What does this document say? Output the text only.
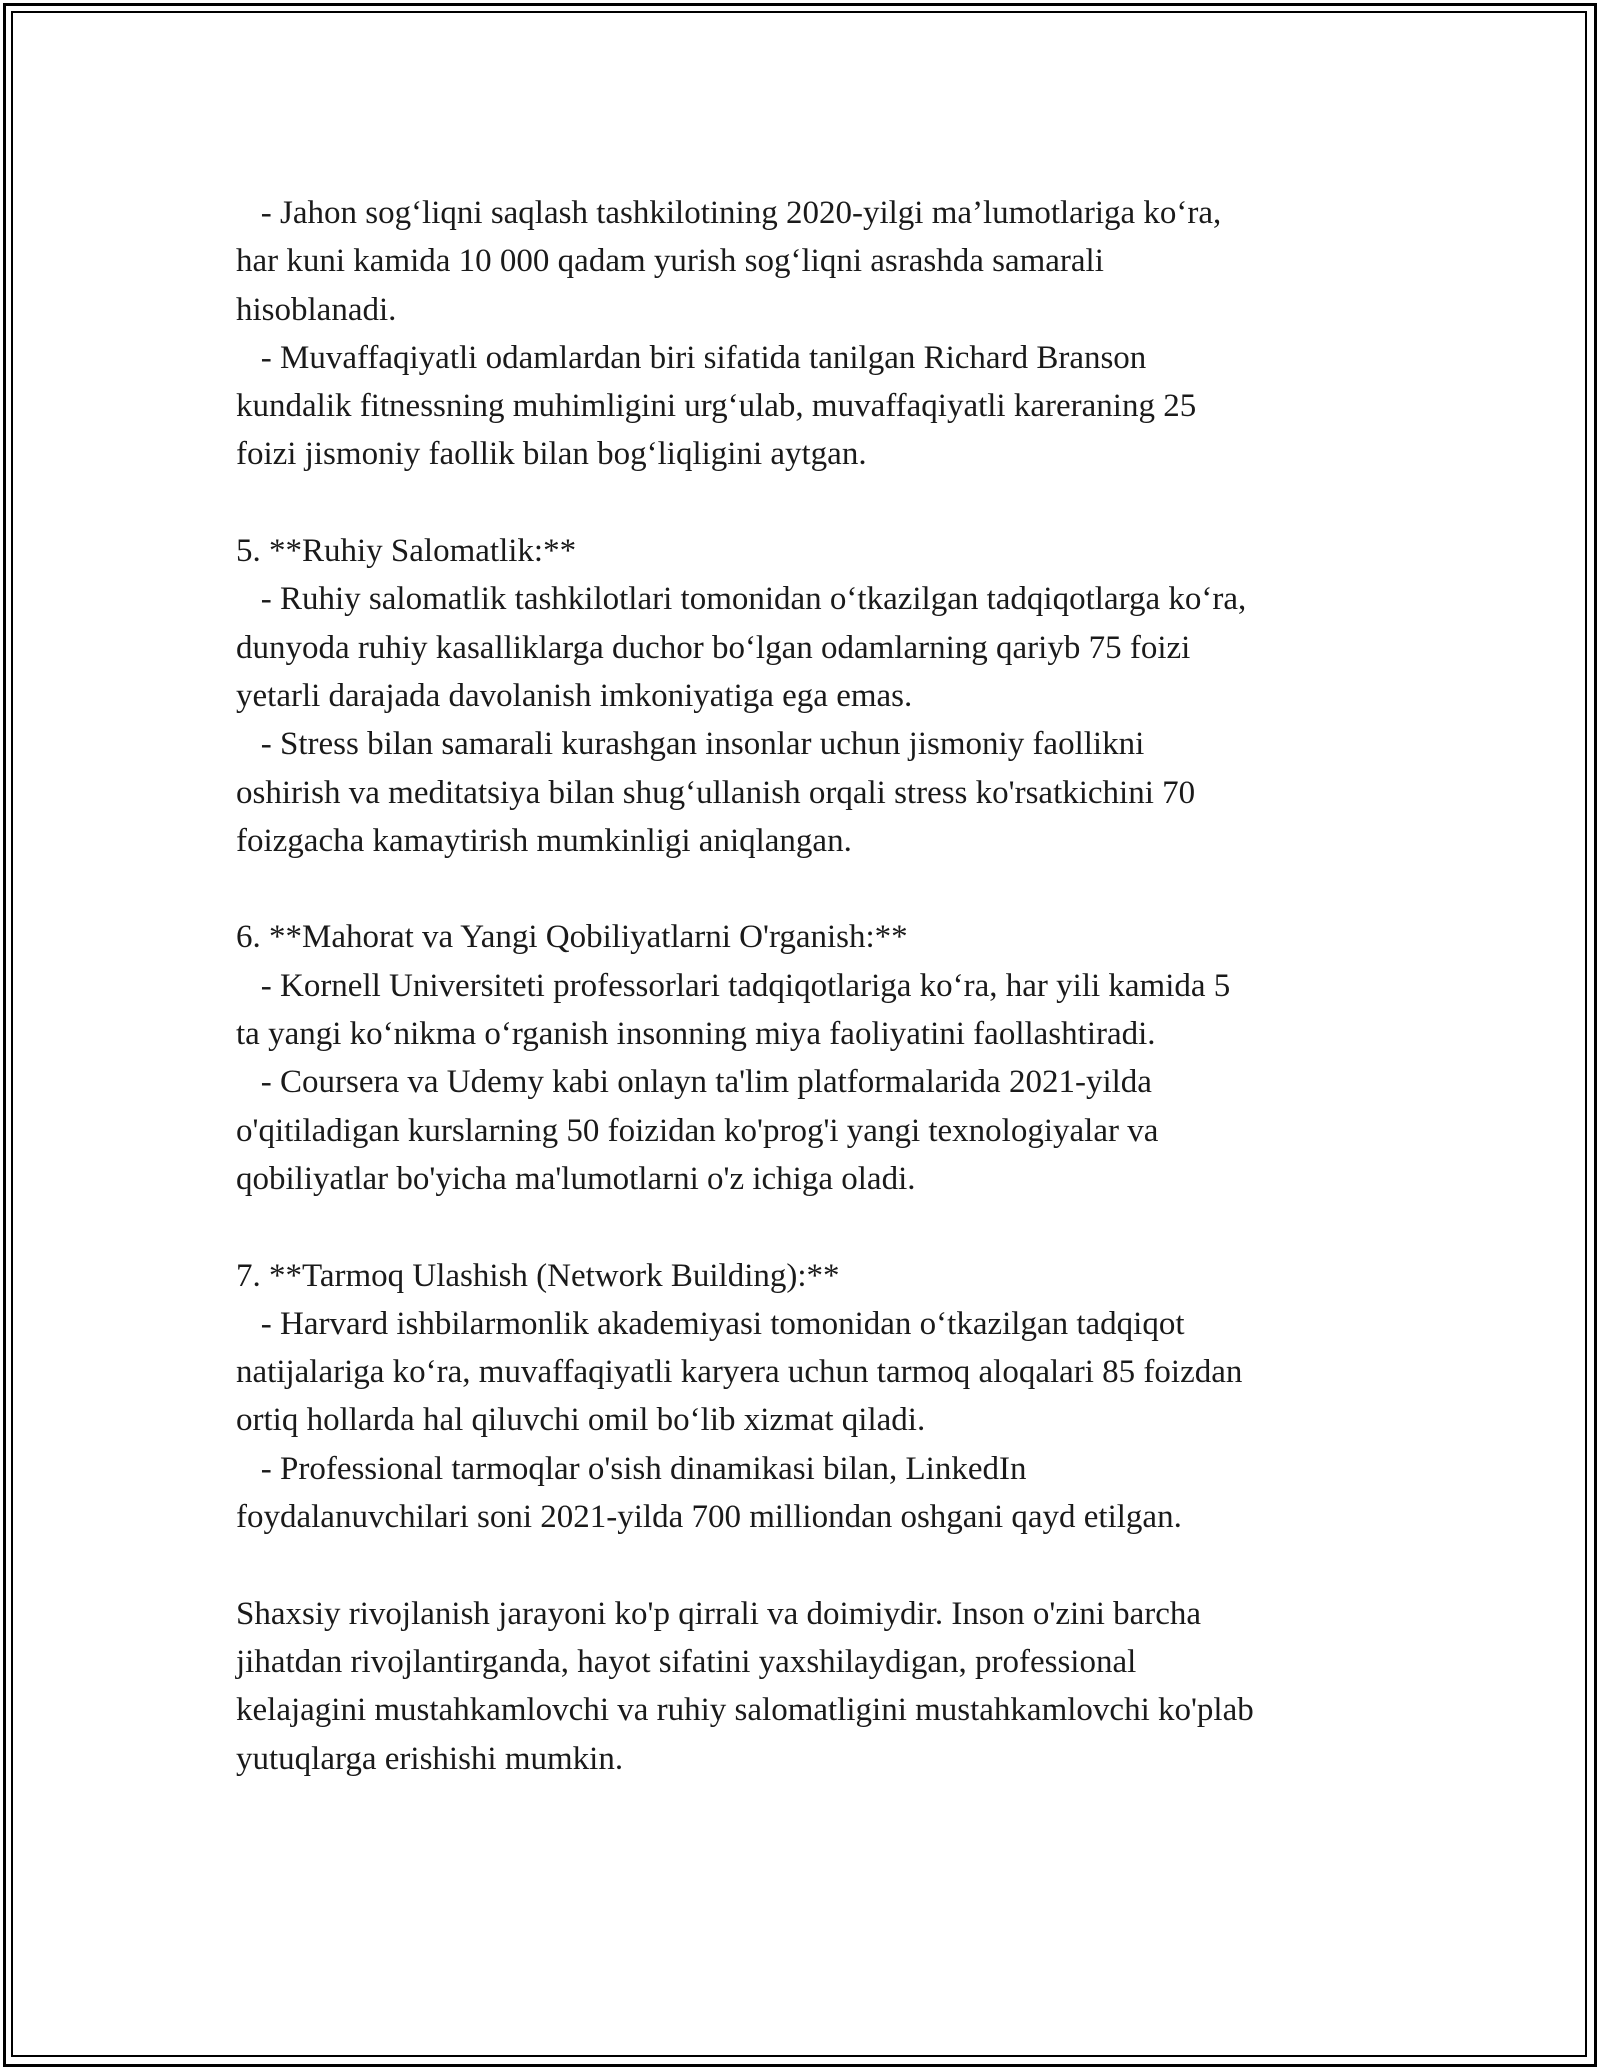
- Jahon sog‘liqni saqlash tashkilotining 2020-yilgi ma’lumotlariga ko‘ra,
har kuni kamida 10 000 qadam yurish sog‘liqni asrashda samarali
hisoblanadi.
- Muvaffaqiyatli odamlardan biri sifatida tanilgan Richard Branson
kundalik fitnessning muhimligini urg‘ulab, muvaffaqiyatli kareraning 25
foizi jismoniy faollik bilan bog‘liqligini aytgan.
5. **Ruhiy Salomatlik:**
- Ruhiy salomatlik tashkilotlari tomonidan o‘tkazilgan tadqiqotlarga ko‘ra,
dunyoda ruhiy kasalliklarga duchor bo‘lgan odamlarning qariyb 75 foizi
yetarli darajada davolanish imkoniyatiga ega emas.
- Stress bilan samarali kurashgan insonlar uchun jismoniy faollikni
oshirish va meditatsiya bilan shug‘ullanish orqali stress ko'rsatkichini 70
foizgacha kamaytirish mumkinligi aniqlangan.
6. **Mahorat va Yangi Qobiliyatlarni O'rganish:**
- Kornell Universiteti professorlari tadqiqotlariga ko‘ra, har yili kamida 5
ta yangi ko‘nikma o‘rganish insonning miya faoliyatini faollashtiradi.
- Coursera va Udemy kabi onlayn ta'lim platformalarida 2021-yilda
o'qitiladigan kurslarning 50 foizidan ko'prog'i yangi texnologiyalar va
qobiliyatlar bo'yicha ma'lumotlarni o'z ichiga oladi.
7. **Tarmoq Ulashish (Network Building):**
- Harvard ishbilarmonlik akademiyasi tomonidan o‘tkazilgan tadqiqot
natijalariga ko‘ra, muvaffaqiyatli karyera uchun tarmoq aloqalari 85 foizdan
ortiq hollarda hal qiluvchi omil bo‘lib xizmat qiladi.
- Professional tarmoqlar o'sish dinamikasi bilan, LinkedIn
foydalanuvchilari soni 2021-yilda 700 milliondan oshgani qayd etilgan.
Shaxsiy rivojlanish jarayoni ko'p qirrali va doimiydir. Inson o'zini barcha
jihatdan rivojlantirganda, hayot sifatini yaxshilaydigan, professional
kelajagini mustahkamlovchi va ruhiy salomatligini mustahkamlovchi ko'plab
yutuqlarga erishishi mumkin.
